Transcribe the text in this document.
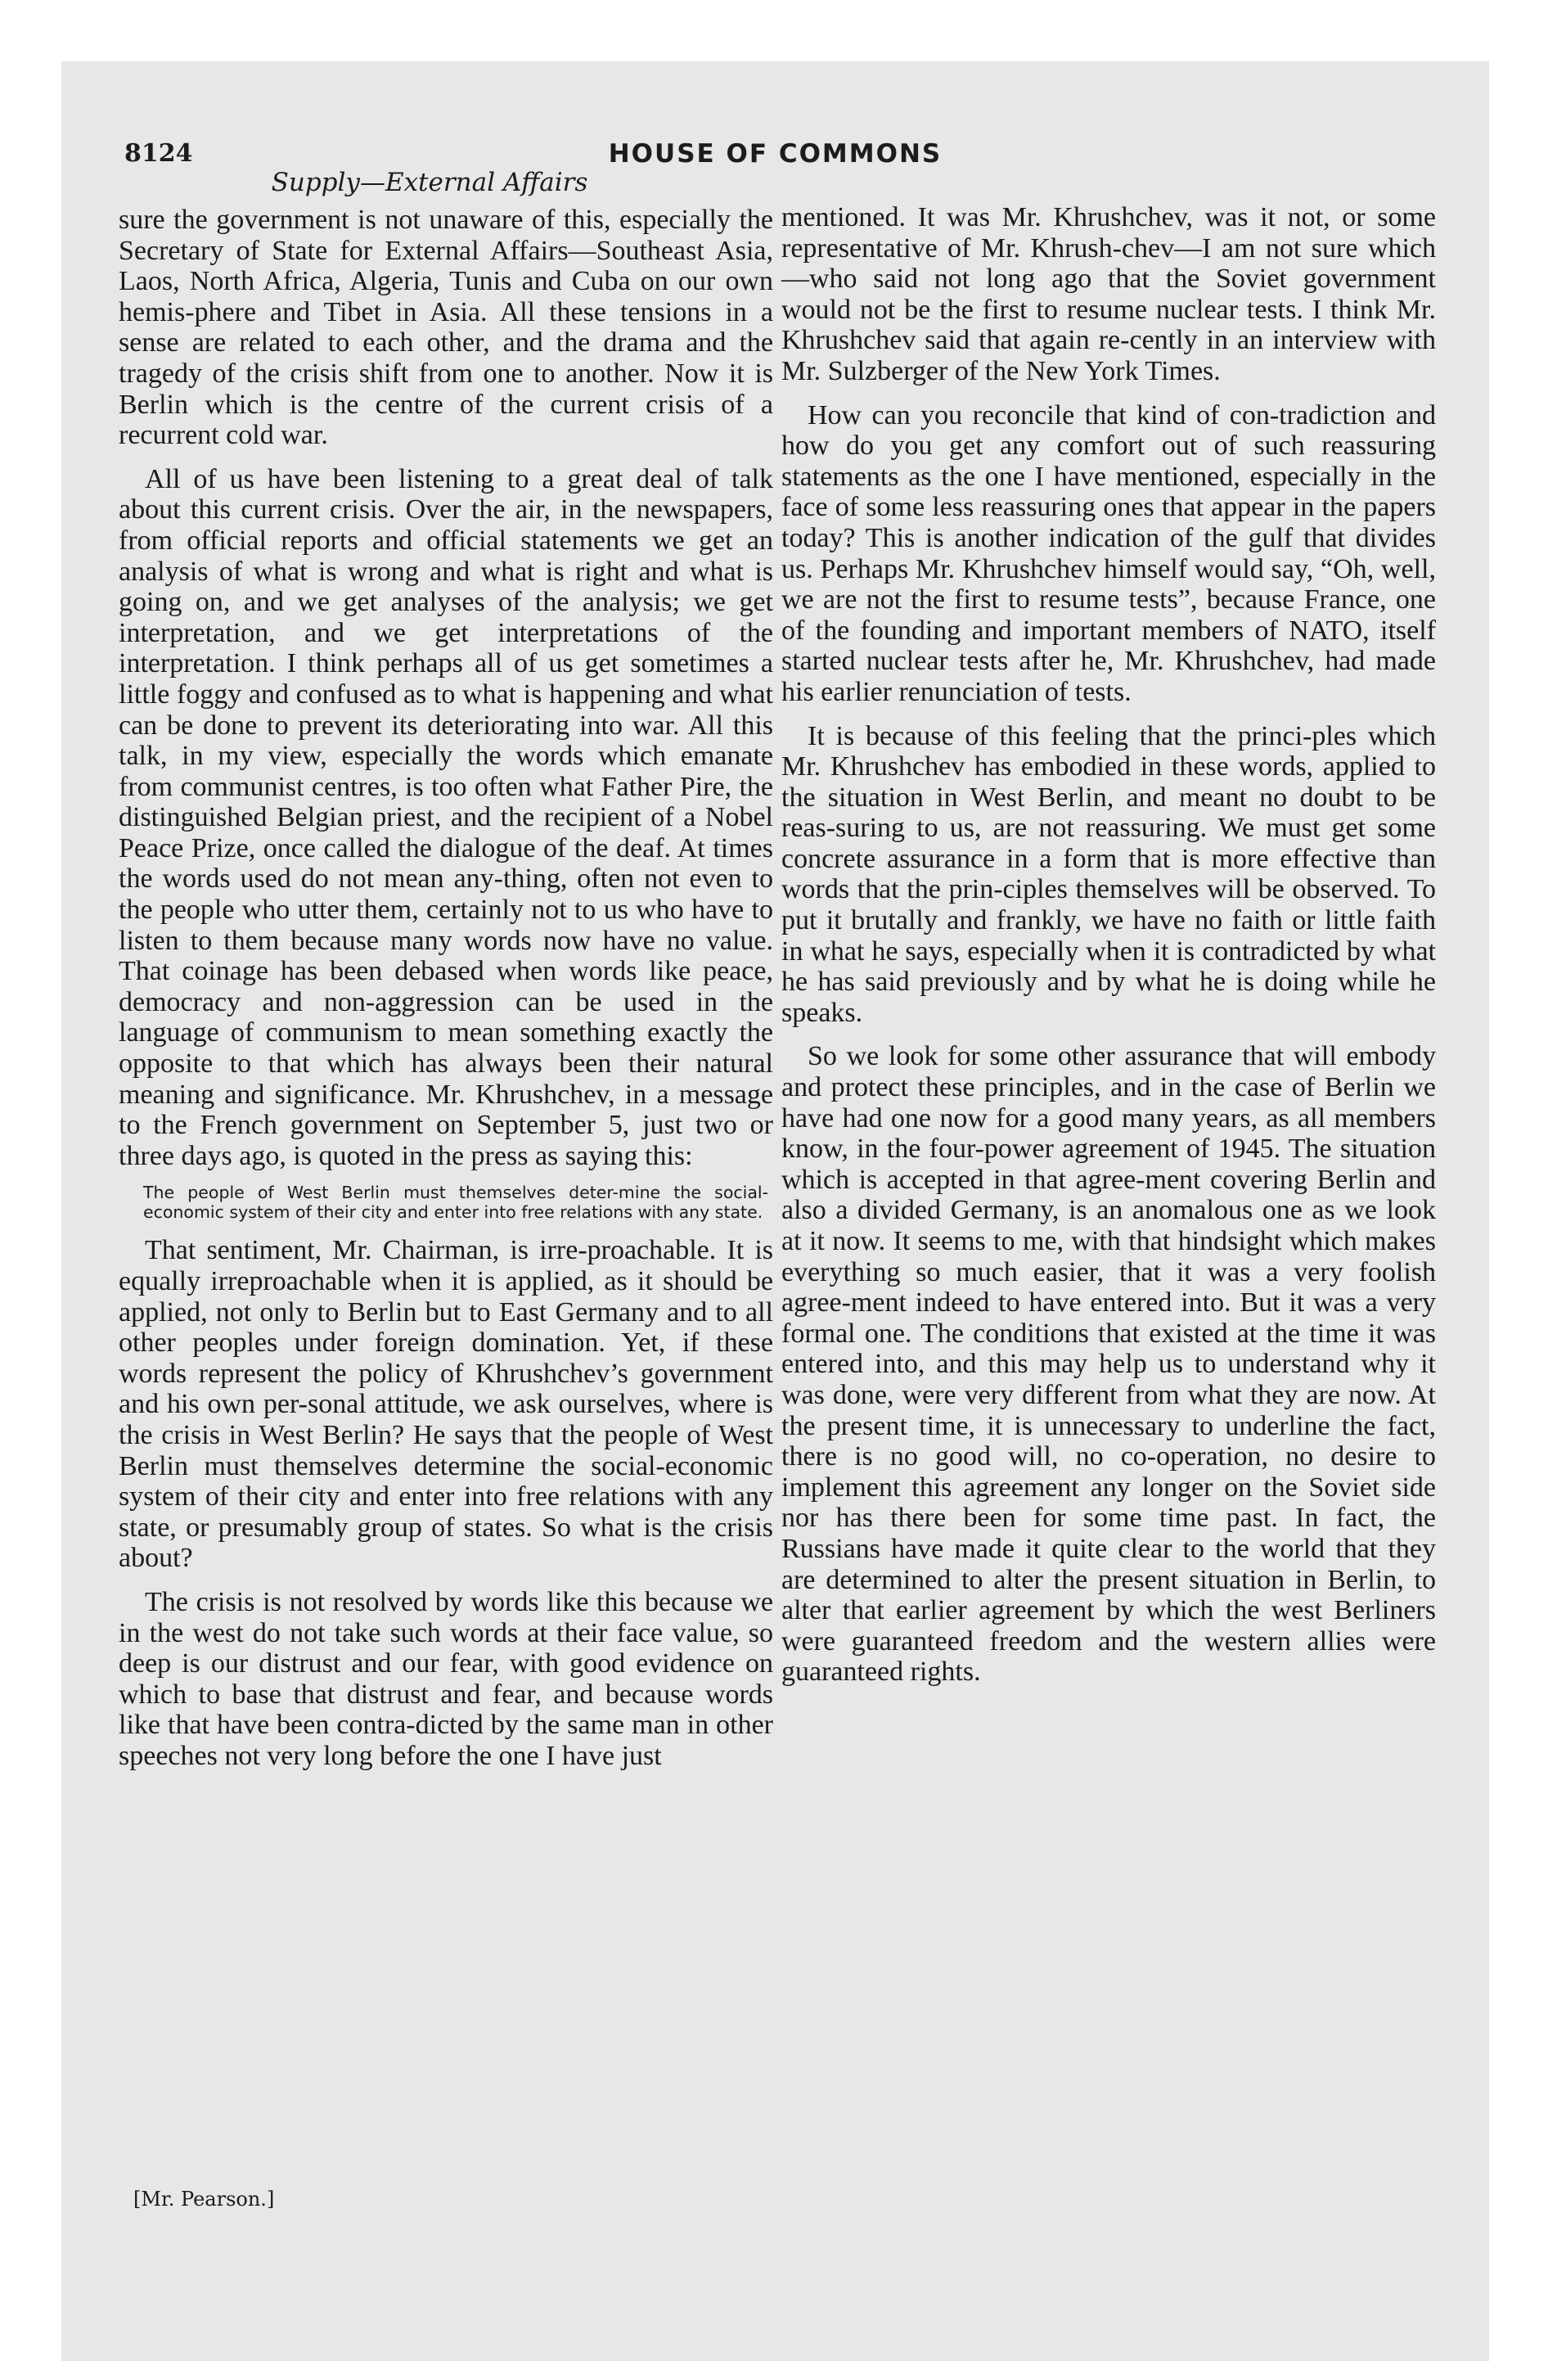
8124	HOUSE OF COMMONS
Supply—External Affairs

sure the government is not unaware of this, especially the Secretary of State for External Affairs—Southeast Asia, Laos, North Africa, Algeria, Tunis and Cuba on our own hemis-phere and Tibet in Asia. All these tensions in a sense are related to each other, and the drama and the tragedy of the crisis shift from one to another. Now it is Berlin which is the centre of the current crisis of a recurrent cold war.

All of us have been listening to a great deal of talk about this current crisis. Over the air, in the newspapers, from official reports and official statements we get an analysis of what is wrong and what is right and what is going on, and we get analyses of the analysis; we get interpretation, and we get interpretations of the interpretation. I think perhaps all of us get sometimes a little foggy and confused as to what is happening and what can be done to prevent its deteriorating into war. All this talk, in my view, especially the words which emanate from communist centres, is too often what Father Pire, the distinguished Belgian priest, and the recipient of a Nobel Peace Prize, once called the dialogue of the deaf. At times the words used do not mean any-thing, often not even to the people who utter them, certainly not to us who have to listen to them because many words now have no value. That coinage has been debased when words like peace, democracy and non-aggression can be used in the language of communism to mean something exactly the opposite to that which has always been their natural meaning and significance. Mr. Khrushchev, in a message to the French government on September 5, just two or three days ago, is quoted in the press as saying this:

The people of West Berlin must themselves deter-mine the social-economic system of their city and enter into free relations with any state.

That sentiment, Mr. Chairman, is irre-proachable. It is equally irreproachable when it is applied, as it should be applied, not only to Berlin but to East Germany and to all other peoples under foreign domination. Yet, if these words represent the policy of Khrushchev’s government and his own per-sonal attitude, we ask ourselves, where is the crisis in West Berlin? He says that the people of West Berlin must themselves determine the social-economic system of their city and enter into free relations with any state, or presumably group of states. So what is the crisis about?

The crisis is not resolved by words like this because we in the west do not take such words at their face value, so deep is our distrust and our fear, with good evidence on which to base that distrust and fear, and because words like that have been contra-dicted by the same man in other speeches not very long before the one I have just

mentioned. It was Mr. Khrushchev, was it not, or some representative of Mr. Khrush-chev—I am not sure which—who said not long ago that the Soviet government would not be the first to resume nuclear tests. I think Mr. Khrushchev said that again re-cently in an interview with Mr. Sulzberger of the New York Times.

How can you reconcile that kind of con-tradiction and how do you get any comfort out of such reassuring statements as the one I have mentioned, especially in the face of some less reassuring ones that appear in the papers today? This is another indication of the gulf that divides us. Perhaps Mr. Khrushchev himself would say, “Oh, well, we are not the first to resume tests”, because France, one of the founding and important members of NATO, itself started nuclear tests after he, Mr. Khrushchev, had made his earlier renunciation of tests.

It is because of this feeling that the princi-ples which Mr. Khrushchev has embodied in these words, applied to the situation in West Berlin, and meant no doubt to be reas-suring to us, are not reassuring. We must get some concrete assurance in a form that is more effective than words that the prin-ciples themselves will be observed. To put it brutally and frankly, we have no faith or little faith in what he says, especially when it is contradicted by what he has said previously and by what he is doing while he speaks.

So we look for some other assurance that will embody and protect these principles, and in the case of Berlin we have had one now for a good many years, as all members know, in the four-power agreement of 1945. The situation which is accepted in that agree-ment covering Berlin and also a divided Germany, is an anomalous one as we look at it now. It seems to me, with that hindsight which makes everything so much easier, that it was a very foolish agree-ment indeed to have entered into. But it was a very formal one. The conditions that existed at the time it was entered into, and this may help us to understand why it was done, were very different from what they are now. At the present time, it is unnecessary to underline the fact, there is no good will, no co-operation, no desire to implement this agreement any longer on the Soviet side nor has there been for some time past. In fact, the Russians have made it quite clear to the world that they are determined to alter the present situation in Berlin, to alter that earlier agreement by which the west Berliners were guaranteed freedom and the western allies were guaranteed rights.

[Mr. Pearson.]
